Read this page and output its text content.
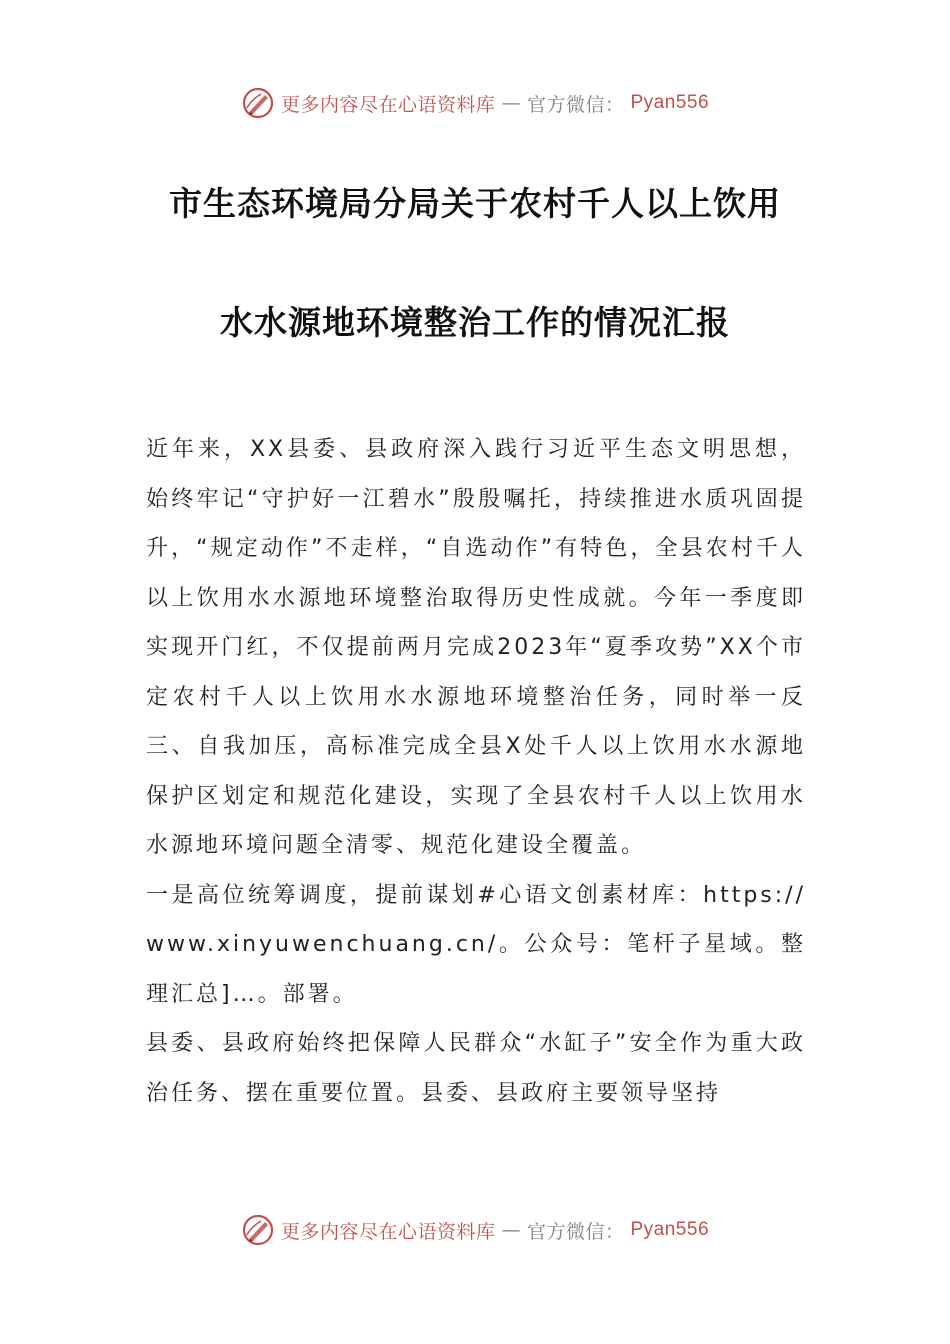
更多内容尽在心语资料库 — 官方微信： Pyan556
市生态环境局分局关于农村千人以上饮用
水水源地环境整治工作的情况汇报

近年来，XX县委、县政府深入践行习近平生态文明思想，始终牢记“守护好一江碧水”殷殷嘱托，持续推进水质巩固提升，“规定动作”不走样，“自选动作”有特色，全县农村千人以上饮用水水源地环境整治取得历史性成就。今年一季度即实现开门红，不仅提前两月完成2023年“夏季攻势”XX个市定农村千人以上饮用水水源地环境整治任务，同时举一反三、自我加压，高标准完成全县X处千人以上饮用水水源地保护区划定和规范化建设，实现了全县农村千人以上饮用水水源地环境问题全清零、规范化建设全覆盖。

一是高位统筹调度，提前谋划#心语文创素材库：https://www.xinyuwenchuang.cn/。公众号：笔杆子星域。整理汇总]…。部署。

县委、县政府始终把保障人民群众“水缸子”安全作为重大政治任务、摆在重要位置。县委、县政府主要领导坚持

更多内容尽在心语资料库 — 官方微信： Pyan556
